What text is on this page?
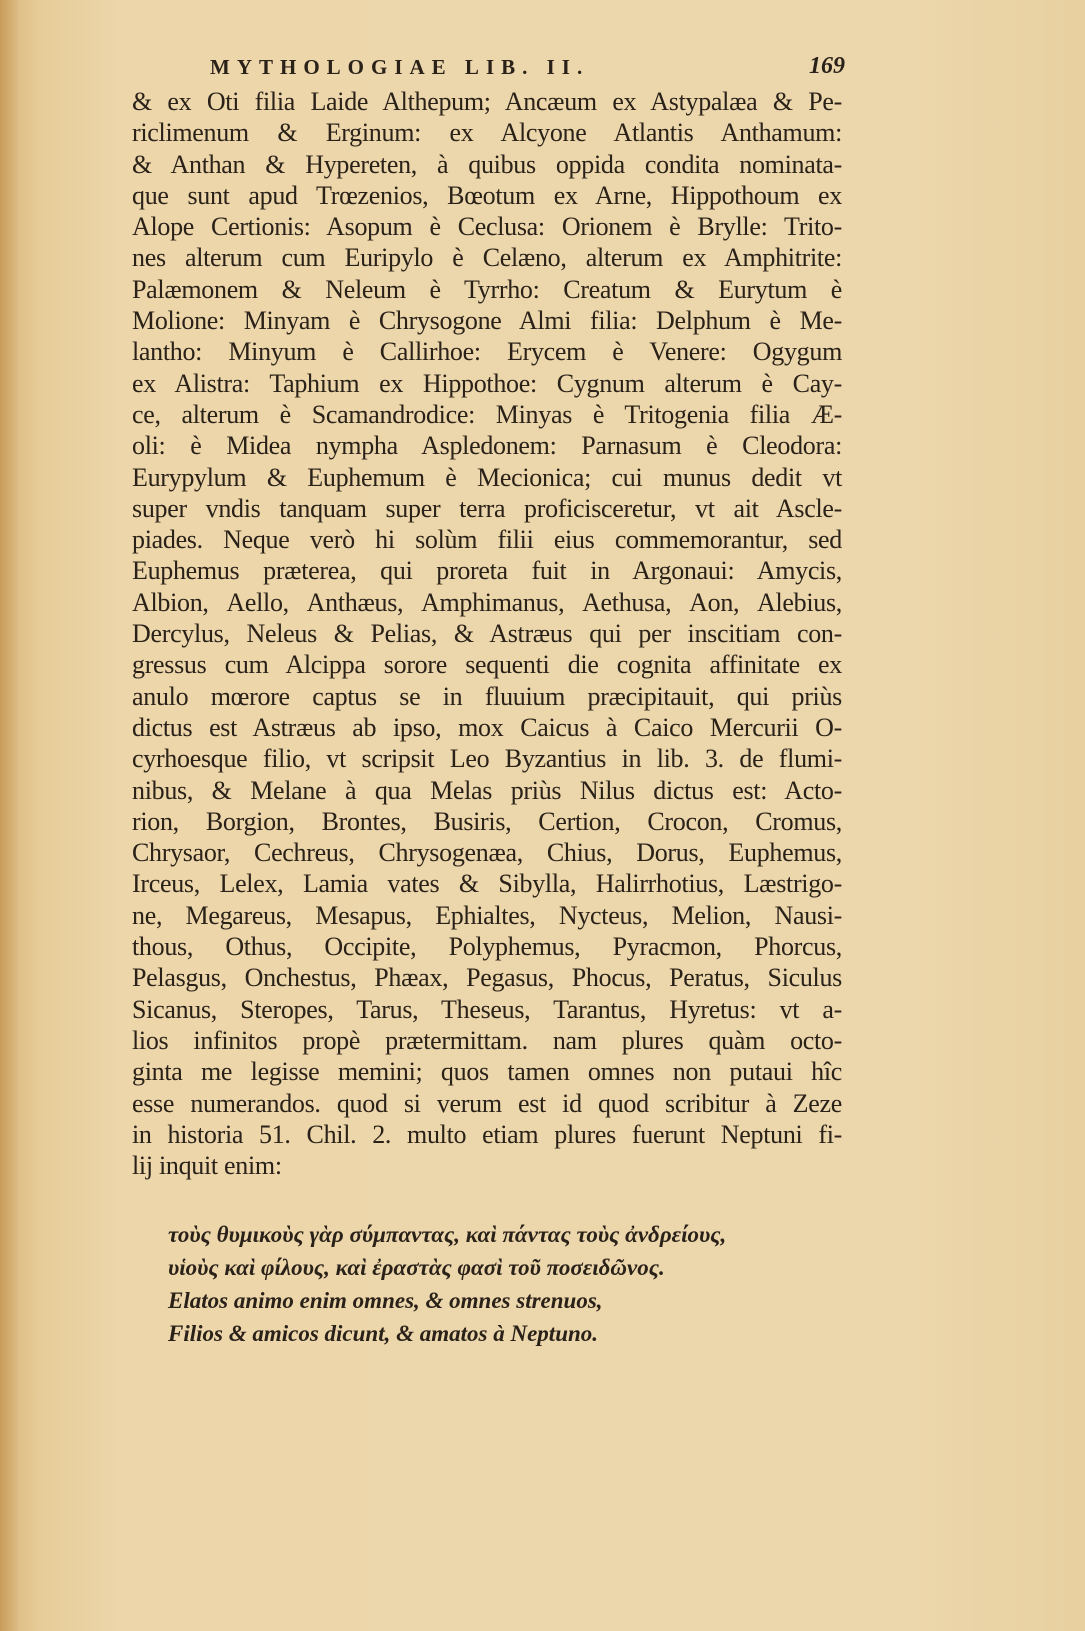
MYTHOLOGIAE LIB. II.	169
& ex Oti filia Laide Althepum; Ancæum ex Astypalæa & Pe-
riclimenum & Erginum: ex Alcyone Atlantis Anthamum:
& Anthan & Hypereten, à quibus oppida condita nominata-
que sunt apud Trœzenios, Bœotum ex Arne, Hippothoum ex
Alope Certionis: Asopum è Ceclusa: Orionem è Brylle: Trito-
nes alterum cum Euripylo è Celæno, alterum ex Amphitrite:
Palæmonem & Neleum è Tyrrho: Creatum & Eurytum è
Molione: Minyam è Chrysogone Almi filia: Delphum è Me-
lantho: Minyum è Callirhoe: Erycem è Venere: Ogygum
ex Alistra: Taphium ex Hippothoe: Cygnum alterum è Cay-
ce, alterum è Scamandrodice: Minyas è Tritogenia filia Æ-
oli: è Midea nympha Aspledonem: Parnasum è Cleodora:
Eurypylum & Euphemum è Mecionica; cui munus dedit vt
super vndis tanquam super terra proficisceretur, vt ait Ascle-
piades. Neque verò hi solùm filii eius commemorantur, sed
Euphemus præterea, qui proreta fuit in Argonaui: Amycis,
Albion, Aello, Anthæus, Amphimanus, Aethusa, Aon, Alebius,
Dercylus, Neleus & Pelias, & Astræus qui per inscitiam con-
gressus cum Alcippa sorore sequenti die cognita affinitate ex
anulo mœrore captus se in fluuium præcipitauit, qui priùs
dictus est Astræus ab ipso, mox Caicus à Caico Mercurii O-
cyrhoesque filio, vt scripsit Leo Byzantius in lib. 3. de flumi-
nibus, & Melane à qua Melas priùs Nilus dictus est: Acto-
rion, Borgion, Brontes, Busiris, Certion, Crocon, Cromus,
Chrysaor, Cechreus, Chrysogenæa, Chius, Dorus, Euphemus,
Irceus, Lelex, Lamia vates & Sibylla, Halirrhotius, Læstrigo-
ne, Megareus, Mesapus, Ephialtes, Nycteus, Melion, Nausi-
thous, Othus, Occipite, Polyphemus, Pyracmon, Phorcus,
Pelasgus, Onchestus, Phæax, Pegasus, Phocus, Peratus, Siculus
Sicanus, Steropes, Tarus, Theseus, Tarantus, Hyretus: vt a-
lios infinitos propè prætermittam. nam plures quàm octo-
ginta me legisse memini; quos tamen omnes non putaui hîc
esse numerandos. quod si verum est id quod scribitur à Zeze
in historia 51. Chil. 2. multo etiam plures fuerunt Neptuni fi-
lij inquit enim:
τοὺς θυμικοὺς γὰρ σύμπαντας, καὶ πάντας τοὺς ἀνδρείους,
υἱοὺς καὶ φίλους, καὶ ἐραστὰς φασὶ τοῦ ποσειδῶνος.
Elatos animo enim omnes, & omnes strenuos,
Filios & amicos dicunt, & amatos à Neptuno.
